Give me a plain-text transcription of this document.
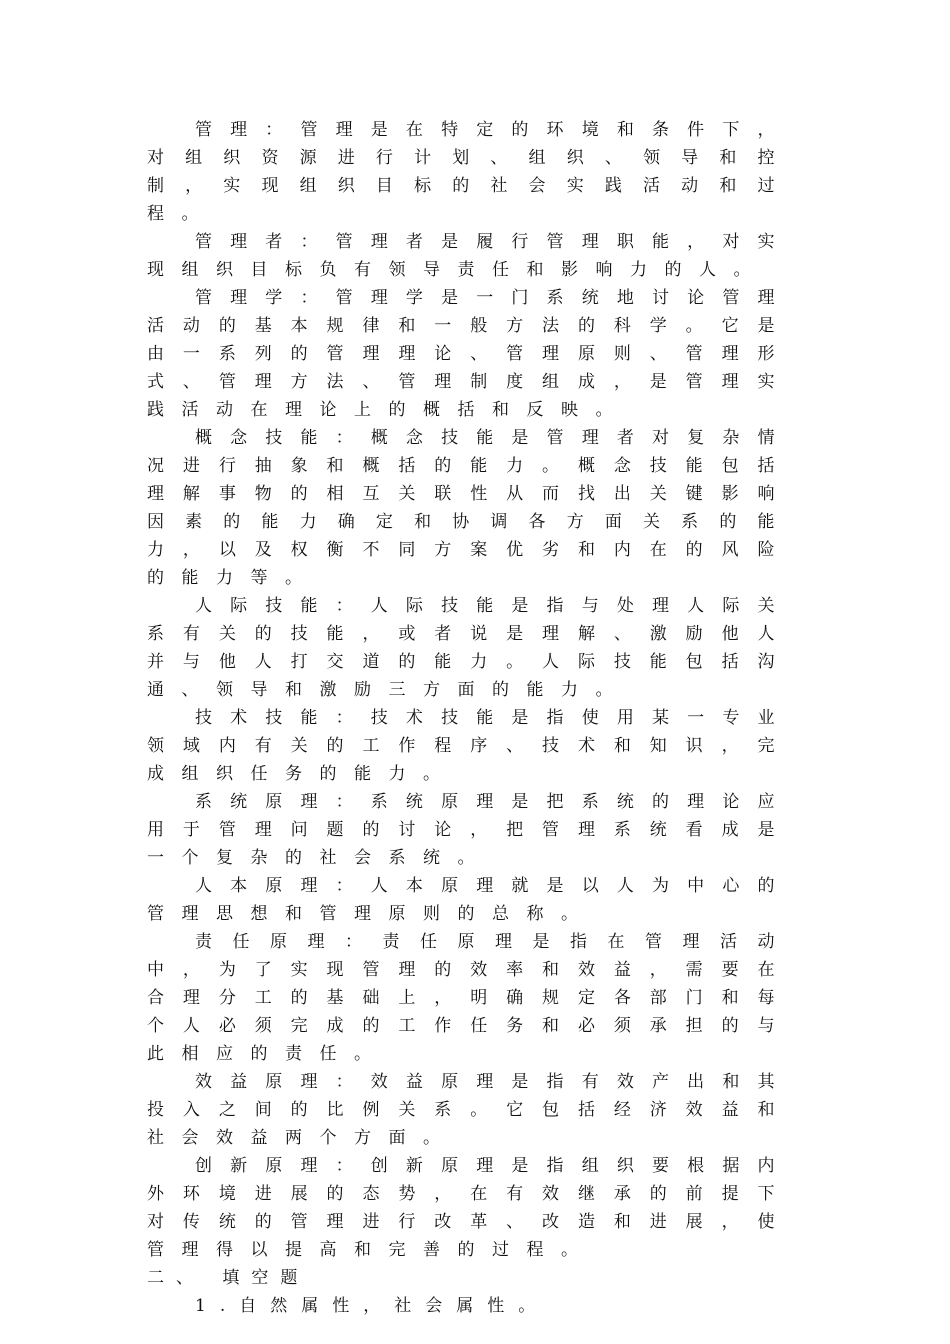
管理：管理是在特定的环境和条件下，对组织资源进行计划、组织、领导和控制，实现组织目标的社会实践活动和过程。

管理者：管理者是履行管理职能，对实现组织目标负有领导责任和影响力的人。

管理学：管理学是一门系统地讨论管理活动的基本规律和一般方法的科学。它是由一系列的管理理论、管理原则、管理形式、管理方法、管理制度组成，是管理实践活动在理论上的概括和反映。

概念技能：概念技能是管理者对复杂情况进行抽象和概括的能力。概念技能包括理解事物的相互关联性从而找出关键影响因素的能力确定和协调各方面关系的能力，以及权衡不同方案优劣和内在的风险的能力等。

人际技能：人际技能是指与处理人际关系有关的技能，或者说是理解、激励他人并与他人打交道的能力。人际技能包括沟通、领导和激励三方面的能力。

技术技能：技术技能是指使用某一专业领域内有关的工作程序、技术和知识，完成组织任务的能力。

系统原理：系统原理是把系统的理论应用于管理问题的讨论，把管理系统看成是一个复杂的社会系统。

人本原理：人本原理就是以人为中心的管理思想和管理原则的总称。

责任原理：责任原理是指在管理活动中，为了实现管理的效率和效益，需要在合理分工的基础上，明确规定各部门和每个人必须完成的工作任务和必须承担的与此相应的责任。

效益原理：效益原理是指有效产出和其投入之间的比例关系。它包括经济效益和社会效益两个方面。

创新原理：创新原理是指组织要根据内外环境进展的态势，在有效继承的前提下对传统的管理进行改革、改造和进展，使管理得以提高和完善的过程。

二、 填空题

1.自然属性，社会属性。
